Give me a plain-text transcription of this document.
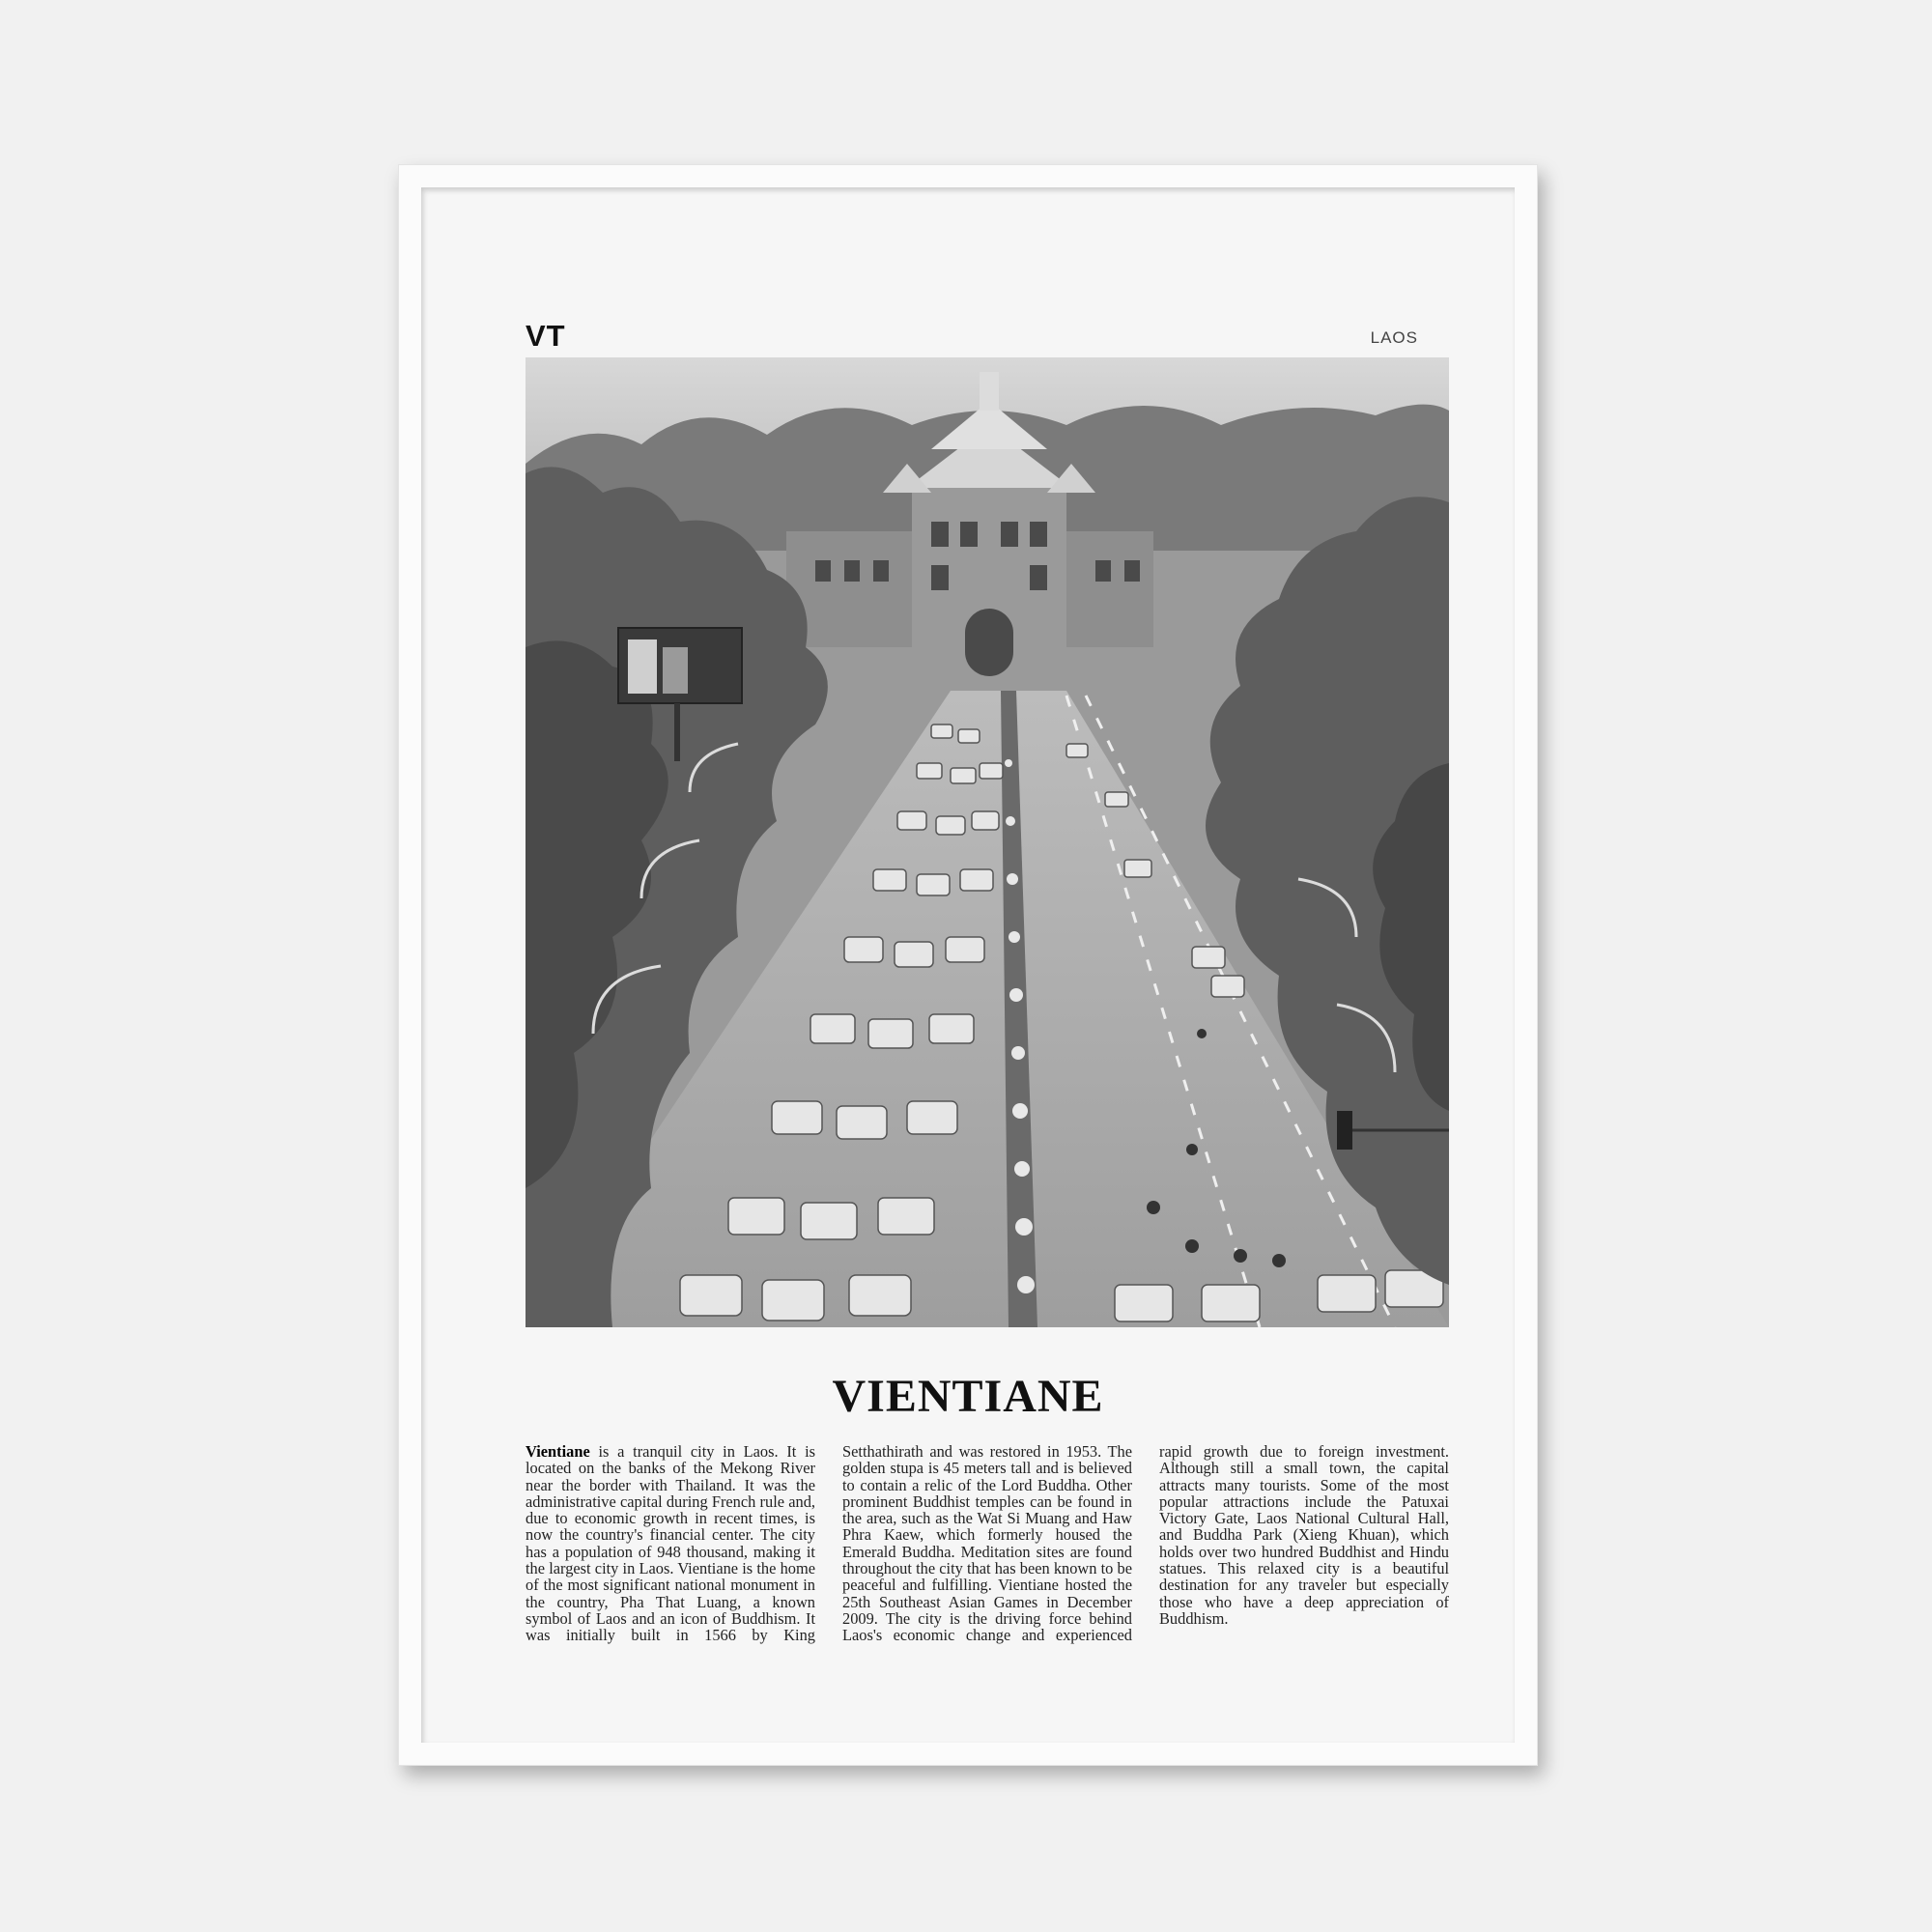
VT	LAOS
VIENTIANE

Vientiane is a tranquil city in Laos. It is located on the banks of the Mekong River near the border with Thailand. It was the administrative capital during French rule and, due to economic growth in recent times, is now the country's financial center. The city has a population of 948 thousand, making it the largest city in Laos. Vientiane is the home of the most significant national monument in the country, Pha That Luang, a known symbol of Laos and an icon of Buddhism. It was initially built in 1566 by King Setthathirath and was restored in 1953. The golden stupa is 45 meters tall and is believed to contain a relic of the Lord Buddha. Other prominent Buddhist temples can be found in the area, such as the Wat Si Muang and Haw Phra Kaew, which formerly housed the Emerald Buddha. Meditation sites are found throughout the city that has been known to be peaceful and fulfilling. Vientiane hosted the 25th Southeast Asian Games in December 2009. The city is the driving force behind Laos's economic change and experienced rapid growth due to foreign investment. Although still a small town, the capital attracts many tourists. Some of the most popular attractions include the Patuxai Victory Gate, Laos National Cultural Hall, and Buddha Park (Xieng Khuan), which holds over two hundred Buddhist and Hindu statues. This relaxed city is a beautiful destination for any traveler but especially those who have a deep appreciation of Buddhism.
